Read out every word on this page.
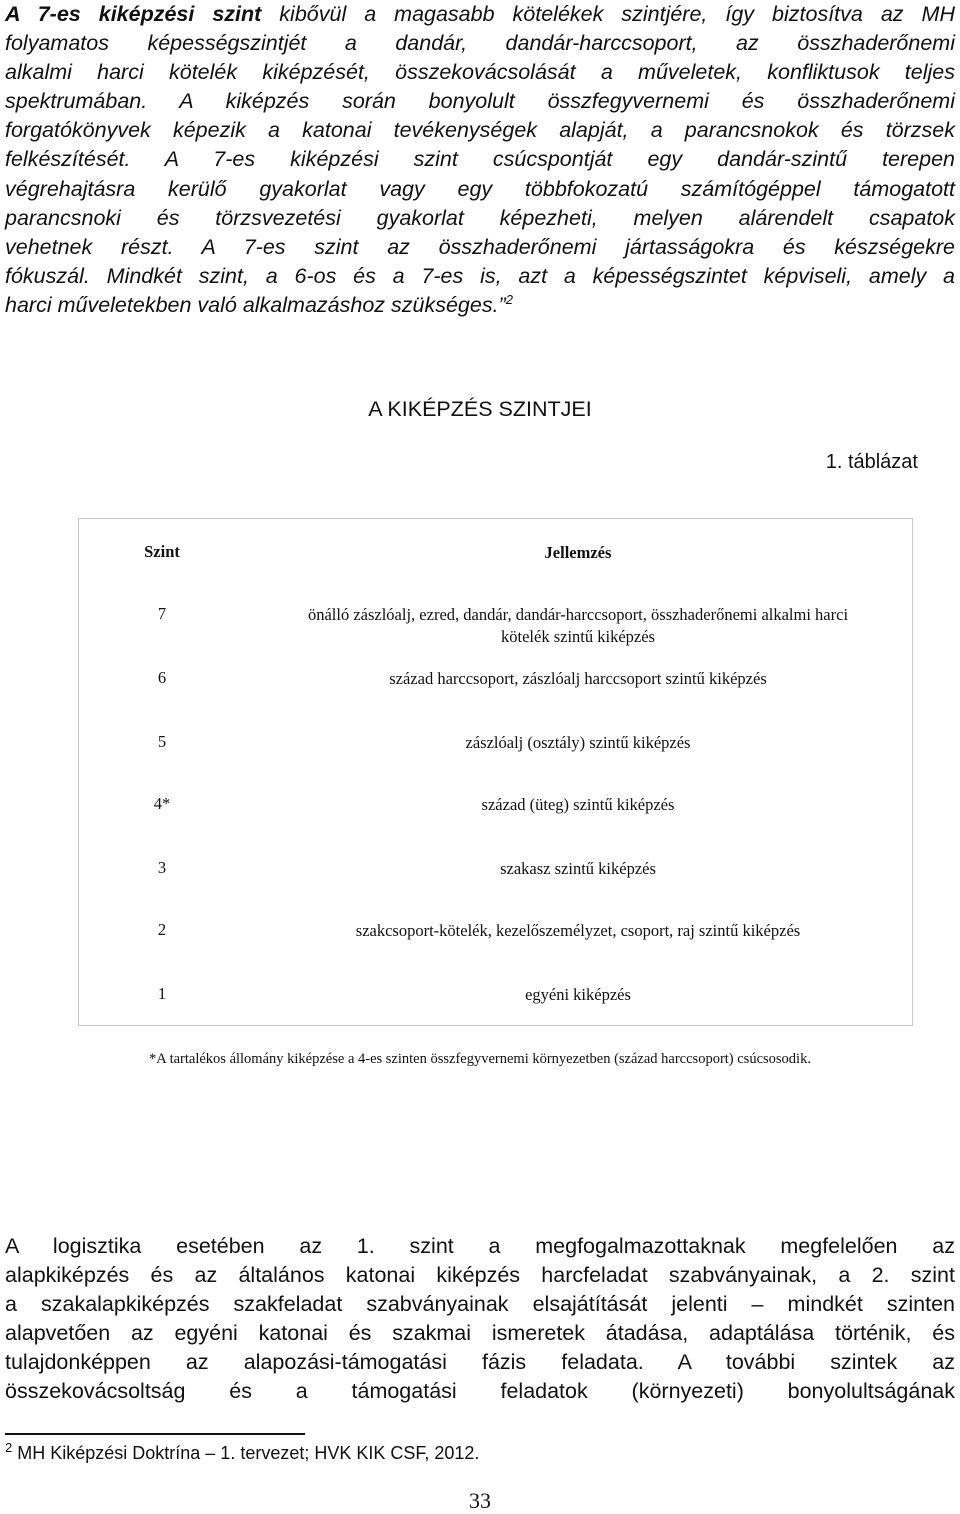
A 7-es kiképzési szint kibővül a magasabb kötelékek szintjére, így biztosítva az MH
folyamatos képességszintjét a dandár, dandár-harccsoport, az összhaderőnemi
alkalmi harci kötelék kiképzését, összekovácsolását a műveletek, konfliktusok teljes
spektrumában. A kiképzés során bonyolult összfegyvernemi és összhaderőnemi
forgatókönyvek képezik a katonai tevékenységek alapját, a parancsnokok és törzsek
felkészítését. A 7-es kiképzési szint csúcspontját egy dandár-szintű terepen
végrehajtásra kerülő gyakorlat vagy egy többfokozatú számítógéppel támogatott
parancsnoki és törzsvezetési gyakorlat képezheti, melyen alárendelt csapatok
vehetnek részt. A 7-es szint az összhaderőnemi jártasságokra és készségekre
fókuszál. Mindkét szint, a 6-os és a 7-es is, azt a képességszintet képviseli, amely a
harci műveletekben való alkalmazáshoz szükséges.”$^2$
A KIKÉPZÉS SZINTJEI
1. táblázat
Szint	Jellemzés
7	önálló zászlóalj, ezred, dandár, dandár-harccsoport, összhaderőnemi alkalmi harci
kötelék szintű kiképzés
6	század harccsoport, zászlóalj harccsoport szintű kiképzés
5	zászlóalj (osztály) szintű kiképzés
4*	század (üteg) szintű kiképzés
3	szakasz szintű kiképzés
2	szakcsoport-kötelék, kezelőszemélyzet, csoport, raj szintű kiképzés
1	egyéni kiképzés
*A tartalékos állomány kiképzése a 4-es szinten összfegyvernemi környezetben (század harccsoport) csúcsosodik.
A logisztika esetében az 1. szint a megfogalmazottaknak megfelelően az
alapkiképzés és az általános katonai kiképzés harcfeladat szabványainak, a 2. szint
a szakalapkiképzés szakfeladat szabványainak elsajátítását jelenti – mindkét szinten
alapvetően az egyéni katonai és szakmai ismeretek átadása, adaptálása történik, és
tulajdonképpen az alapozási-támogatási fázis feladata. A további szintek az
összekovácsoltság és a támogatási feladatok (környezeti) bonyolultságának
$^2$ MH Kiképzési Doktrína – 1. tervezet; HVK KIK CSF, 2012.
33
